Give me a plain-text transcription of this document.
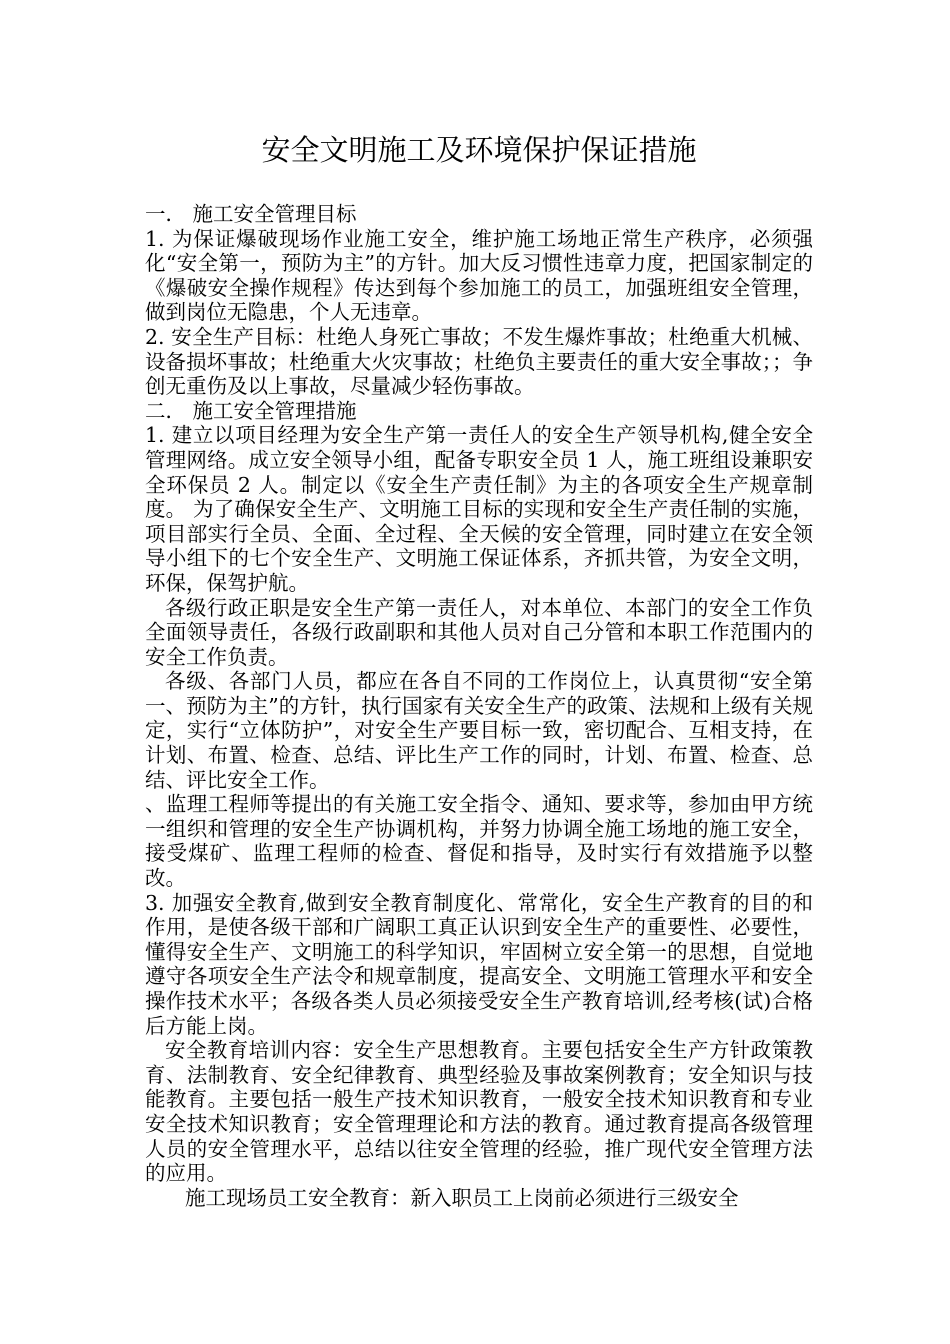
安全文明施工及环境保护保证措施

一． 施工安全管理目标

1. 为保证爆破现场作业施工安全，维护施工场地正常生产秩序，必须强化“安全第一，预防为主”的方针。加大反习惯性违章力度，把国家制定的《爆破安全操作规程》传达到每个参加施工的员工，加强班组安全管理，做到岗位无隐患，个人无违章。

2. 安全生产目标：杜绝人身死亡事故；不发生爆炸事故；杜绝重大机械、设备损坏事故；杜绝重大火灾事故；杜绝负主要责任的重大安全事故；；争创无重伤及以上事故，尽量减少轻伤事故。

二． 施工安全管理措施

1. 建立以项目经理为安全生产第一责任人的安全生产领导机构,健全安全管理网络。成立安全领导小组，配备专职安全员 1 人，施工班组设兼职安全环保员 2 人。制定以《安全生产责任制》为主的各项安全生产规章制度。 为了确保安全生产、文明施工目标的实现和安全生产责任制的实施，项目部实行全员、全面、全过程、全天候的安全管理，同时建立在安全领导小组下的七个安全生产、文明施工保证体系，齐抓共管，为安全文明，环保，保驾护航。

各级行政正职是安全生产第一责任人，对本单位、本部门的安全工作负全面领导责任，各级行政副职和其他人员对自己分管和本职工作范围内的安全工作负责。

各级、各部门人员，都应在各自不同的工作岗位上，认真贯彻“安全第一、预防为主”的方针，执行国家有关安全生产的政策、法规和上级有关规定，实行“立体防护”，对安全生产要目标一致，密切配合、互相支持，在计划、布置、检查、总结、评比生产工作的同时，计划、布置、检查、总结、评比安全工作。

、监理工程师等提出的有关施工安全指令、通知、要求等，参加由甲方统一组织和管理的安全生产协调机构，并努力协调全施工场地的施工安全，接受煤矿、监理工程师的检查、督促和指导，及时实行有效措施予以整改。

3. 加强安全教育,做到安全教育制度化、常常化，安全生产教育的目的和作用，是使各级干部和广阔职工真正认识到安全生产的重要性、必要性，懂得安全生产、文明施工的科学知识，牢固树立安全第一的思想，自觉地遵守各项安全生产法令和规章制度，提高安全、文明施工管理水平和安全操作技术水平；各级各类人员必须接受安全生产教育培训,经考核(试)合格后方能上岗。

安全教育培训内容：安全生产思想教育。主要包括安全生产方针政策教育、法制教育、安全纪律教育、典型经验及事故案例教育；安全知识与技能教育。主要包括一般生产技术知识教育，一般安全技术知识教育和专业安全技术知识教育；安全管理理论和方法的教育。通过教育提高各级管理人员的安全管理水平，总结以往安全管理的经验，推广现代安全管理方法的应用。

施工现场员工安全教育：新入职员工上岗前必须进行三级安全
